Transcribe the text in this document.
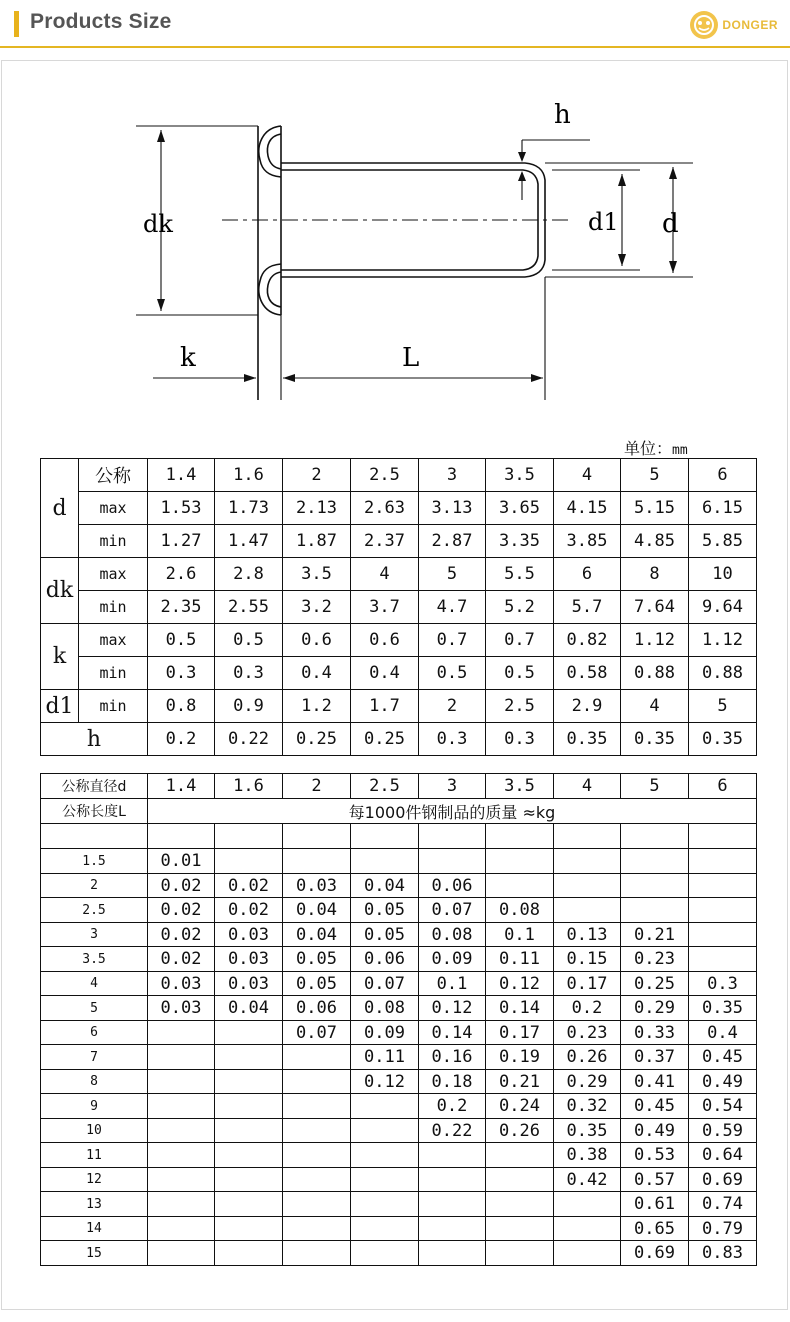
Products Size	DONGER
h
dk	d1 d
k	L
单位：mm
d	公称	1.4	1.6	2	2.5	3	3.5	4	5	6
	max	1.53	1.73	2.13	2.63	3.13	3.65	4.15	5.15	6.15
	min	1.27	1.47	1.87	2.37	2.87	3.35	3.85	4.85	5.85
dk	max	2.6	2.8	3.5	4	5	5.5	6	8	10
	min	2.35	2.55	3.2	3.7	4.7	5.2	5.7	7.64	9.64
k	max	0.5	0.5	0.6	0.6	0.7	0.7	0.82	1.12	1.12
	min	0.3	0.3	0.4	0.4	0.5	0.5	0.58	0.88	0.88
d1	min	0.8	0.9	1.2	1.7	2	2.5	2.9	4	5
h		0.2	0.22	0.25	0.25	0.3	0.3	0.35	0.35	0.35
公称直径d	1.4	1.6	2	2.5	3	3.5	4	5	6
公称长度L	每1000件钢制品的质量 ≈kg								

1.5	0.01								
2	0.02	0.02	0.03	0.04	0.06				
2.5	0.02	0.02	0.04	0.05	0.07	0.08			
3	0.02	0.03	0.04	0.05	0.08	0.1	0.13	0.21	
3.5	0.02	0.03	0.05	0.06	0.09	0.11	0.15	0.23	
4	0.03	0.03	0.05	0.07	0.1	0.12	0.17	0.25	0.3
5	0.03	0.04	0.06	0.08	0.12	0.14	0.2	0.29	0.35
6			0.07	0.09	0.14	0.17	0.23	0.33	0.4
7				0.11	0.16	0.19	0.26	0.37	0.45
8				0.12	0.18	0.21	0.29	0.41	0.49
9					0.2	0.24	0.32	0.45	0.54
10					0.22	0.26	0.35	0.49	0.59
11							0.38	0.53	0.64
12							0.42	0.57	0.69
13								0.61	0.74
14								0.65	0.79
15								0.69	0.83
